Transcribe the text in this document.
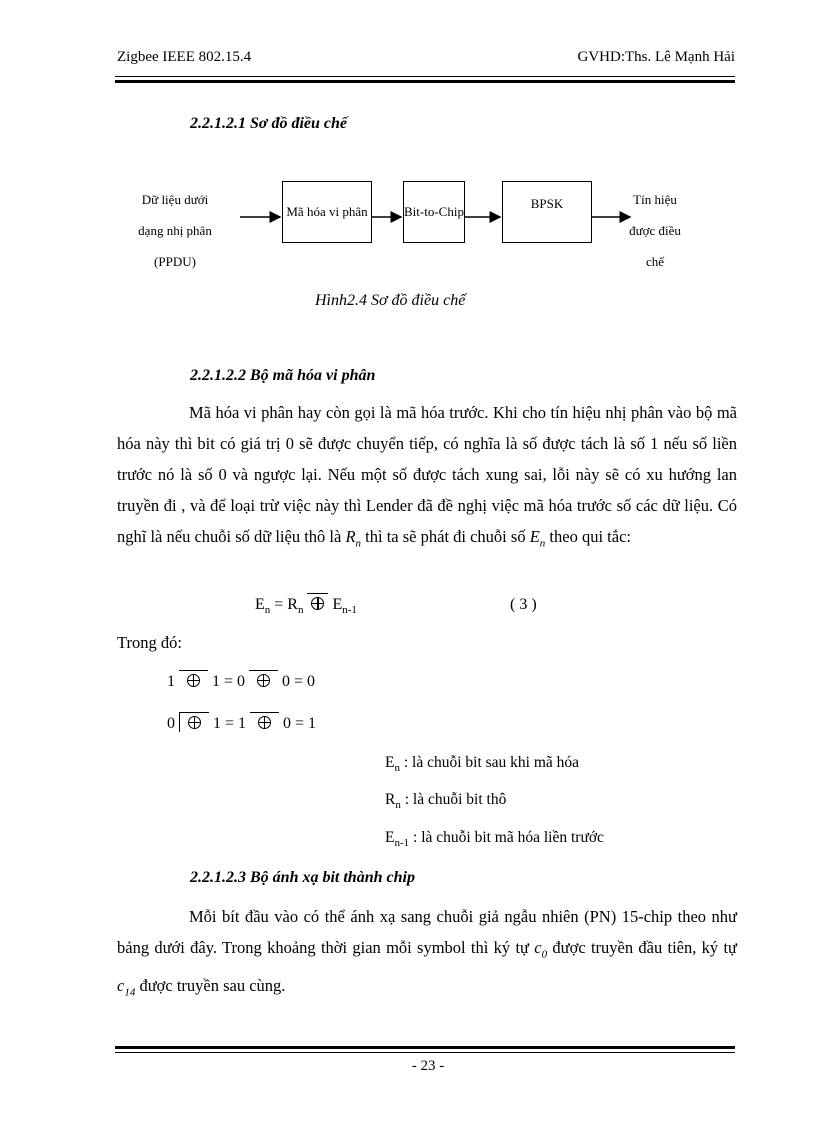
Zigbee IEEE 802.15.4	GVHD:Ths. Lê Mạnh Hải
2.2.1.2.1 Sơ đồ điều chế
Dữ liệu dưới
dạng nhị phân
(PPDU)
Mã hóa vi phân	Bit-to-Chip
BPSK	Tín hiệu
được điều
chế
Hình2.4 Sơ đồ điều chế
2.2.1.2.2 Bộ mã hóa vi phân
Mã hóa vi phân hay còn gọi là mã hóa trước. Khi cho tín hiệu nhị phân vào bộ mã hóa này thì bit có giá trị 0 sẽ được chuyển tiếp, có nghĩa là số được tách là số 1 nếu số liền trước nó là số 0 và ngược lại. Nếu một số được tách xung sai, lỗi này sẽ có xu hướng lan truyền đi , và để loại trừ việc này thì Lender đã đề nghị việc mã hóa trước số các dữ liệu. Có nghĩ là nếu chuỗi số dữ liệu thô là $R_n$ thì ta sẽ phát đi chuỗi số $E_n$ theo qui tắc:
$E_n = R_n$ $E_{n-1}$	( 3 )
Trong đó:
1 1 = 0 0 = 0
0 1 = 1 0 = 1
$E_n$ : là chuỗi bit sau khi mã hóa
$R_n$ : là chuỗi bit thô
$E_{n-1}$ : là chuỗi bit mã hóa liền trước
2.2.1.2.3 Bộ ánh xạ bit thành chip
Mỗi bít đầu vào có thể ánh xạ sang chuỗi giả ngẫu nhiên (PN) 15-chip theo như bảng dưới đây. Trong khoảng thời gian mỗi symbol thì ký tự $c_0$ được truyền đầu tiên, ký tự $c_{14}$ được truyền sau cùng.
- 23 -
